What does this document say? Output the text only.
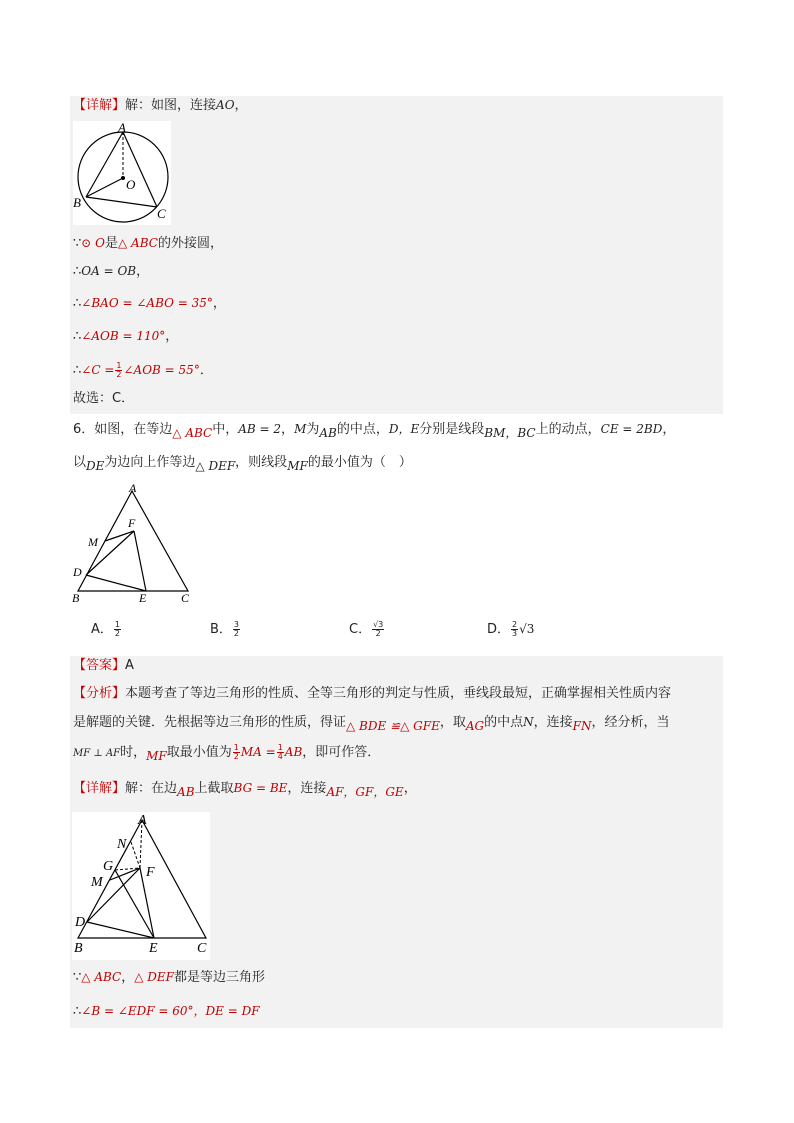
【详解】解：如图，连接AO，
A
O
B
C
∵⊙ O是△ ABC的外接圆，
∴OA = OB，
∴∠BAO = ∠ABO = 35°，
∴∠AOB = 110°，
∴∠C = $\frac{1}{2}$ ∠AOB = 55°．
故选：C．
6．如图，在等边△ ABC中，AB = 2，M为AB的中点，D，E分别是线段BM，BC上的动点，CE = 2BD，
以DE为边向上作等边△ DEF，则线段MF的最小值为（　）
A
M
F
D
B	E	C
A． $\frac{1}{2}$	B． $\frac{3}{2}$	C． $\frac{√3}{2}$	D． $\frac{2}{3} √3$
【答案】A
【分析】本题考查了等边三角形的性质、全等三角形的判定与性质，垂线段最短，正确掌握相关性质内容
是解题的关键．先根据等边三角形的性质，得证△ BDE ≌△ GFE，取AG的中点N，连接FN，经分析，当
MF ⊥ AF时，MF取最小值为 $\frac{1}{2}$ MA = $\frac{1}{4}$ AB，即可作答．
【详解】解：在边AB上截取BG = BE，连接AF，GF，GE，
A
N
G F
M
D
B	E	C
∵△ ABC，△ DEF都是等边三角形
∴∠B = ∠EDF = 60°，DE = DF
